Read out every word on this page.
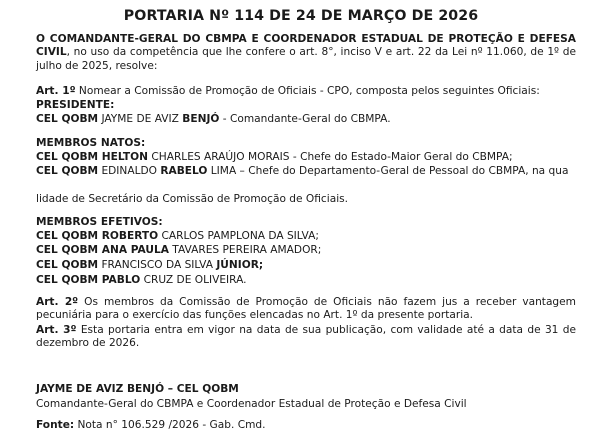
PORTARIA Nº 114 DE 24 DE MARÇO DE 2026

O COMANDANTE-GERAL DO CBMPA E COORDENADOR ESTADUAL DE PROTEÇÃO E DEFESA CIVIL, no uso da competência que lhe confere o art. 8°, inciso V e art. 22 da Lei nº 11.060, de 1º de julho de 2025, resolve:

Art. 1º Nomear a Comissão de Promoção de Oficiais - CPO, composta pelos seguintes Oficiais:

PRESIDENTE:

CEL QOBM JAYME DE AVIZ BENJÓ - Comandante-Geral do CBMPA.

MEMBROS NATOS:

CEL QOBM HELTON CHARLES ARAÚJO MORAIS - Chefe do Estado-Maior Geral do CBMPA;

CEL QOBM EDINALDO RABELO LIMA – Chefe do Departamento-Geral de Pessoal do CBMPA, na qua

lidade de Secretário da Comissão de Promoção de Oficiais.

MEMBROS EFETIVOS:

CEL QOBM ROBERTO CARLOS PAMPLONA DA SILVA;

CEL QOBM ANA PAULA TAVARES PEREIRA AMADOR;

CEL QOBM FRANCISCO DA SILVA JÚNIOR;

CEL QOBM PABLO CRUZ DE OLIVEIRA.

Art. 2º Os membros da Comissão de Promoção de Oficiais não fazem jus a receber vantagem pecuniária para o exercício das funções elencadas no Art. 1º da presente portaria.

Art. 3º Esta portaria entra em vigor na data de sua publicação, com validade até a data de 31 de dezembro de 2026.

JAYME DE AVIZ BENJÓ – CEL QOBM

Comandante-Geral do CBMPA e Coordenador Estadual de Proteção e Defesa Civil

Fonte: Nota n° 106.529 /2026 - Gab. Cmd.
